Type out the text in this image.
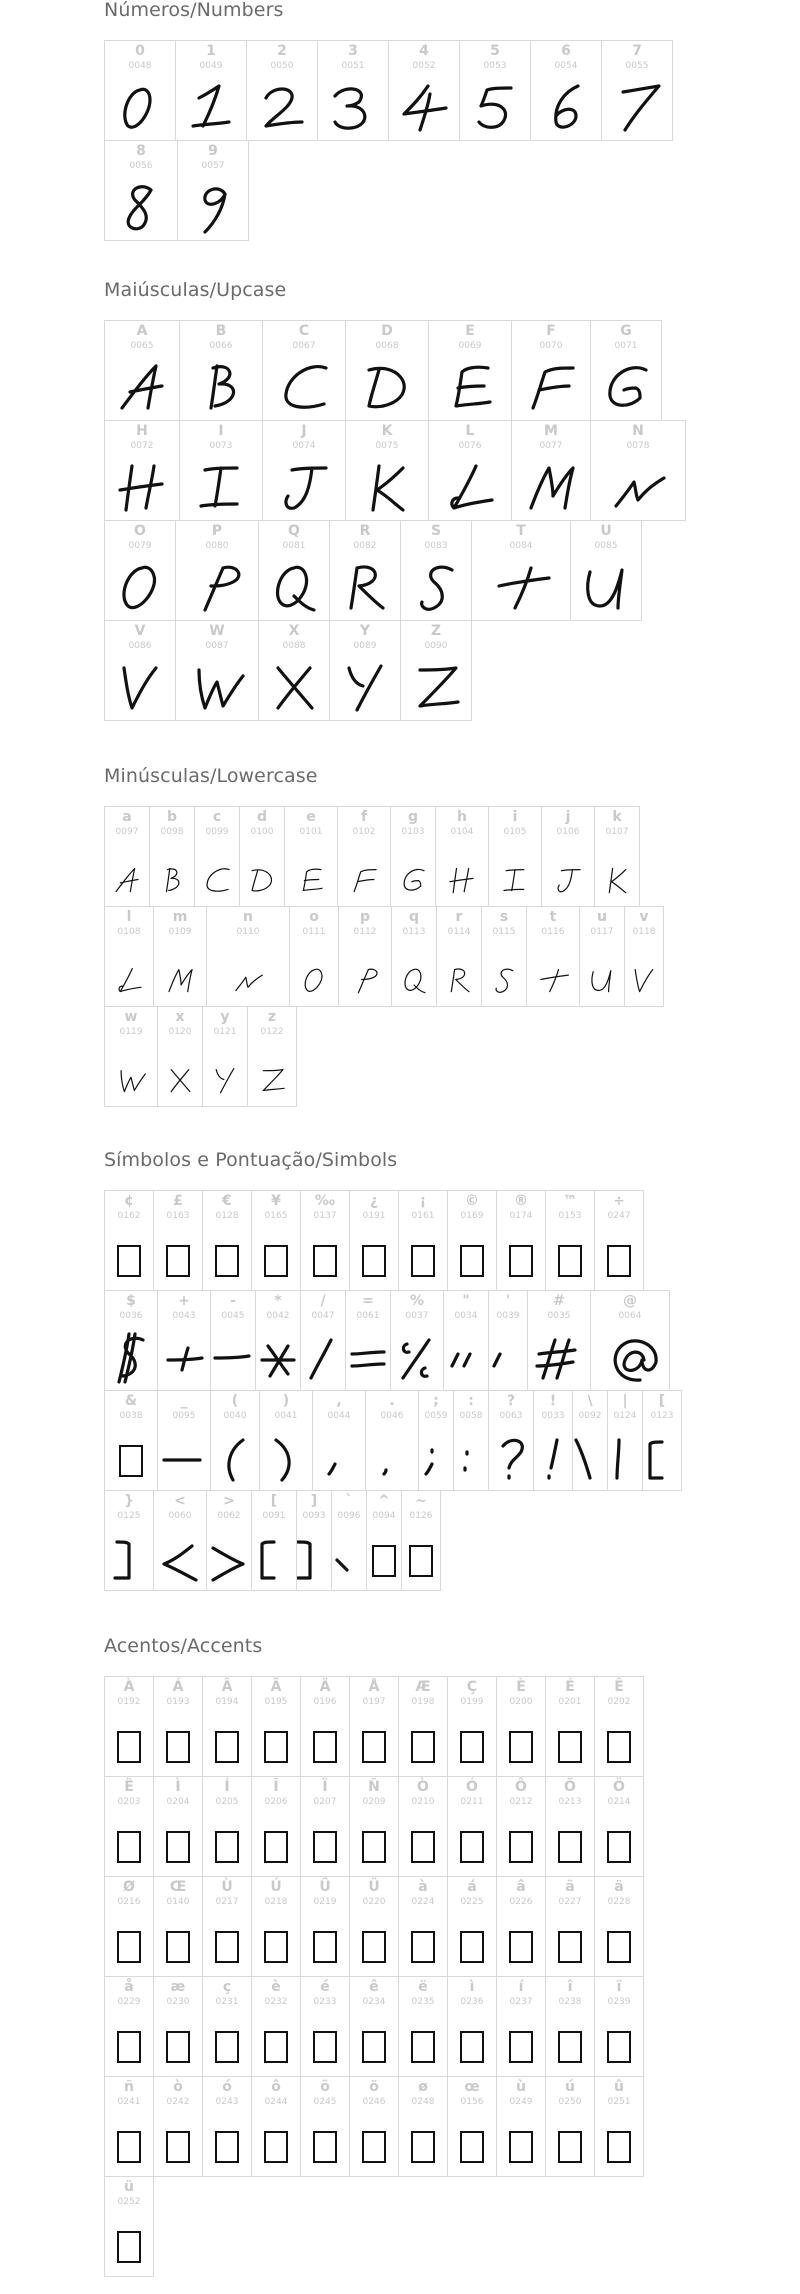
Números/Numbers
0
0048
1
0049
2
0050
3
0051
4
0052
5
0053
6
0054
7
0055
8
0056
9
0057
Maiúsculas/Upcase
A
0065
B
0066
C
0067
D
0068
E
0069
F
0070
G
0071
H
0072
I
0073
J
0074
K
0075
L
0076
M
0077
N
0078
O
0079
P
0080
Q
0081
R
0082
S
0083
T
0084
U
0085
V
0086
W
0087
X
0088
Y
0089
Z
0090
Minúsculas/Lowercase
a
0097
b
0098
c
0099
d
0100
e
0101
f
0102
g
0103
h
0104
i
0105
j
0106
k
0107
l
0108
m
0109
n
0110
o
0111
p
0112
q
0113
r
0114
s
0115
t
0116
u
0117
v
0118
w
0119
x
0120
y
0121
z
0122
Símbolos e Pontuação/Simbols
¢
0162
£
0163
€
0128
¥
0165
‰
0137
¿
0191
¡
0161
©
0169
®
0174
™
0153
÷
0247
$
0036
+
0043
-
0045
*
0042
/
0047
=
0061
%
0037
"
0034
'
0039
#
0035
@
0064
&
0038
_
0095
(
0040
)
0041
,
0044
.
0046
;
0059
:
0058
?
0063
!
0033
\
0092
|
0124
[
0123
}
0125
<
0060
>
0062
[
0091
]
0093
`
0096
^
0094
~
0126
Acentos/Accents
À
0192
Á
0193
Â
0194
Ã
0195
Ä
0196
Å
0197
Æ
0198
Ç
0199
È
0200
É
0201
Ê
0202
Ë
0203
Ì
0204
Í
0205
Î
0206
Ï
0207
Ñ
0209
Ò
0210
Ó
0211
Ô
0212
Õ
0213
Ö
0214
Ø
0216
Œ
0140
Ù
0217
Ú
0218
Û
0219
Ü
0220
à
0224
á
0225
â
0226
ã
0227
ä
0228
å
0229
æ
0230
ç
0231
è
0232
é
0233
ê
0234
ë
0235
ì
0236
í
0237
î
0238
ï
0239
ñ
0241
ò
0242
ó
0243
ô
0244
õ
0245
ö
0246
ø
0248
œ
0156
ù
0249
ú
0250
û
0251
ü
0252
